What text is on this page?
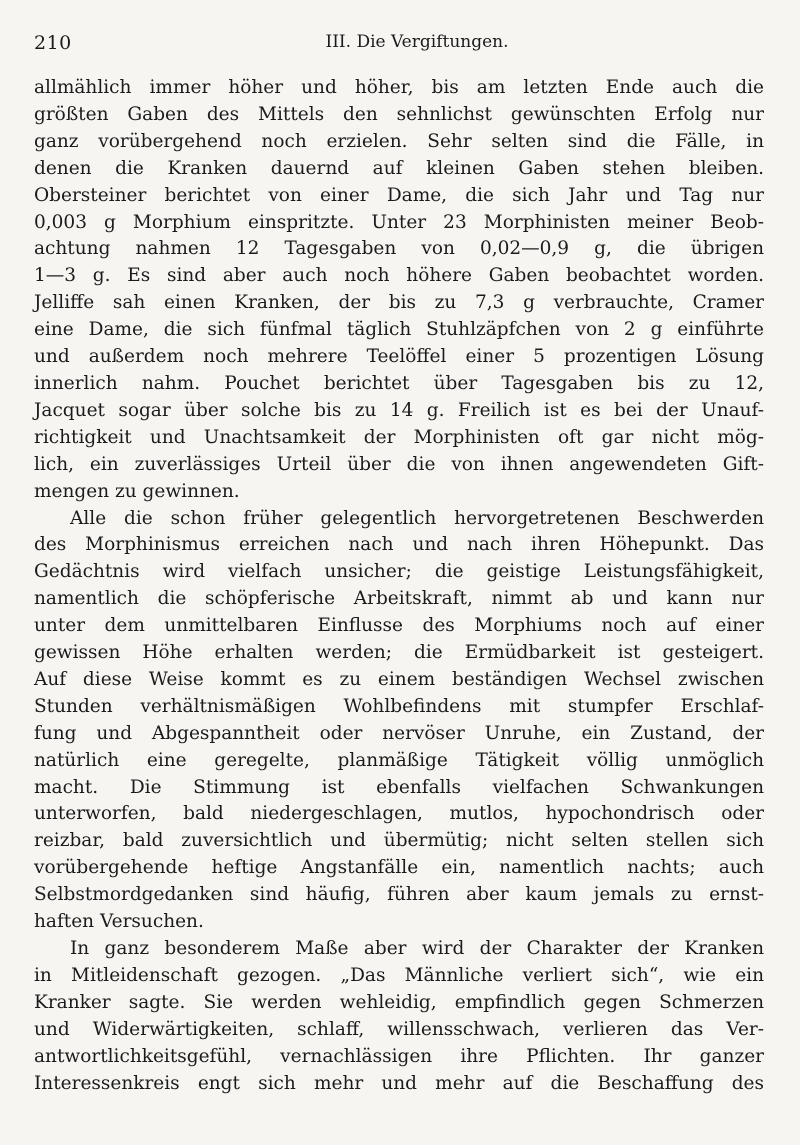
210	III. Die Vergiftungen.

allmählich immer höher und höher, bis am letzten Ende auch die

größten Gaben des Mittels den sehnlichst gewünschten Erfolg nur

ganz vorübergehend noch erzielen. Sehr selten sind die Fälle, in

denen die Kranken dauernd auf kleinen Gaben stehen bleiben.

Obersteiner berichtet von einer Dame, die sich Jahr und Tag nur

0,003 g Morphium einspritzte. Unter 23 Morphinisten meiner Beob-

achtung nahmen 12 Tagesgaben von 0,02—0,9 g, die übrigen

1—3 g. Es sind aber auch noch höhere Gaben beobachtet worden.

Jelliffe sah einen Kranken, der bis zu 7,3 g verbrauchte, Cramer

eine Dame, die sich fünfmal täglich Stuhlzäpfchen von 2 g einführte

und außerdem noch mehrere Teelöffel einer 5 prozentigen Lösung

innerlich nahm. Pouchet berichtet über Tagesgaben bis zu 12,

Jacquet sogar über solche bis zu 14 g. Freilich ist es bei der Unauf-

richtigkeit und Unachtsamkeit der Morphinisten oft gar nicht mög-

lich, ein zuverlässiges Urteil über die von ihnen angewendeten Gift-

mengen zu gewinnen.

Alle die schon früher gelegentlich hervorgetretenen Beschwerden

des Morphinismus erreichen nach und nach ihren Höhepunkt. Das

Gedächtnis wird vielfach unsicher; die geistige Leistungsfähigkeit,

namentlich die schöpferische Arbeitskraft, nimmt ab und kann nur

unter dem unmittelbaren Einflusse des Morphiums noch auf einer

gewissen Höhe erhalten werden; die Ermüdbarkeit ist gesteigert.

Auf diese Weise kommt es zu einem beständigen Wechsel zwischen

Stunden verhältnismäßigen Wohlbefindens mit stumpfer Erschlaf-

fung und Abgespanntheit oder nervöser Unruhe, ein Zustand, der

natürlich eine geregelte, planmäßige Tätigkeit völlig unmöglich

macht. Die Stimmung ist ebenfalls vielfachen Schwankungen

unterworfen, bald niedergeschlagen, mutlos, hypochondrisch oder

reizbar, bald zuversichtlich und übermütig; nicht selten stellen sich

vorübergehende heftige Angstanfälle ein, namentlich nachts; auch

Selbstmordgedanken sind häufig, führen aber kaum jemals zu ernst-

haften Versuchen.

In ganz besonderem Maße aber wird der Charakter der Kranken

in Mitleidenschaft gezogen. „Das Männliche verliert sich“, wie ein

Kranker sagte. Sie werden wehleidig, empfindlich gegen Schmerzen

und Widerwärtigkeiten, schlaff, willensschwach, verlieren das Ver-

antwortlichkeitsgefühl, vernachlässigen ihre Pflichten. Ihr ganzer

Interessenkreis engt sich mehr und mehr auf die Beschaffung des
